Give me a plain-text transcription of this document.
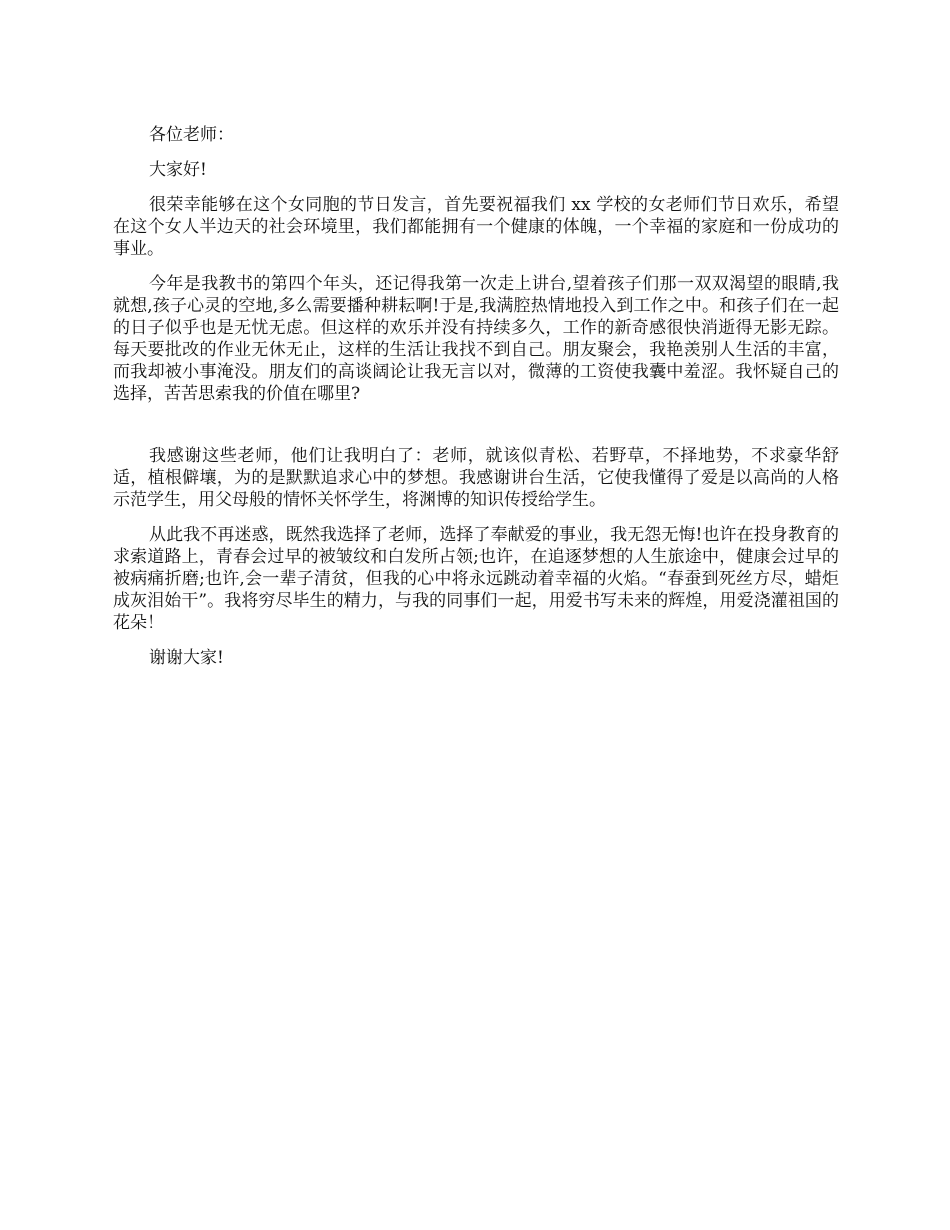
各位老师：

大家好!

很荣幸能够在这个女同胞的节日发言，首先要祝福我们 xx 学校的女老师们节日欢乐，希望在这个女人半边天的社会环境里，我们都能拥有一个健康的体魄，一个幸福的家庭和一份成功的事业。

今年是我教书的第四个年头，还记得我第一次走上讲台,望着孩子们那一双双渴望的眼睛,我就想,孩子心灵的空地,多么需要播种耕耘啊!于是,我满腔热情地投入到工作之中。和孩子们在一起的日子似乎也是无忧无虑。但这样的欢乐并没有持续多久，工作的新奇感很快消逝得无影无踪。每天要批改的作业无休无止，这样的生活让我找不到自己。朋友聚会，我艳羡别人生活的丰富，而我却被小事淹没。朋友们的高谈阔论让我无言以对，微薄的工资使我囊中羞涩。我怀疑自己的选择，苦苦思索我的价值在哪里?

我感谢这些老师，他们让我明白了：老师，就该似青松、若野草，不择地势，不求豪华舒适，植根僻壤，为的是默默追求心中的梦想。我感谢讲台生活，它使我懂得了爱是以高尚的人格示范学生，用父母般的情怀关怀学生，将渊博的知识传授给学生。

从此我不再迷惑，既然我选择了老师，选择了奉献爱的事业，我无怨无悔!也许在投身教育的求索道路上，青春会过早的被皱纹和白发所占领;也许，在追逐梦想的人生旅途中，健康会过早的被病痛折磨;也许,会一辈子清贫，但我的心中将永远跳动着幸福的火焰。“春蚕到死丝方尽，蜡炬成灰泪始干”。我将穷尽毕生的精力，与我的同事们一起，用爱书写未来的辉煌，用爱浇灌祖国的花朵！

谢谢大家!
